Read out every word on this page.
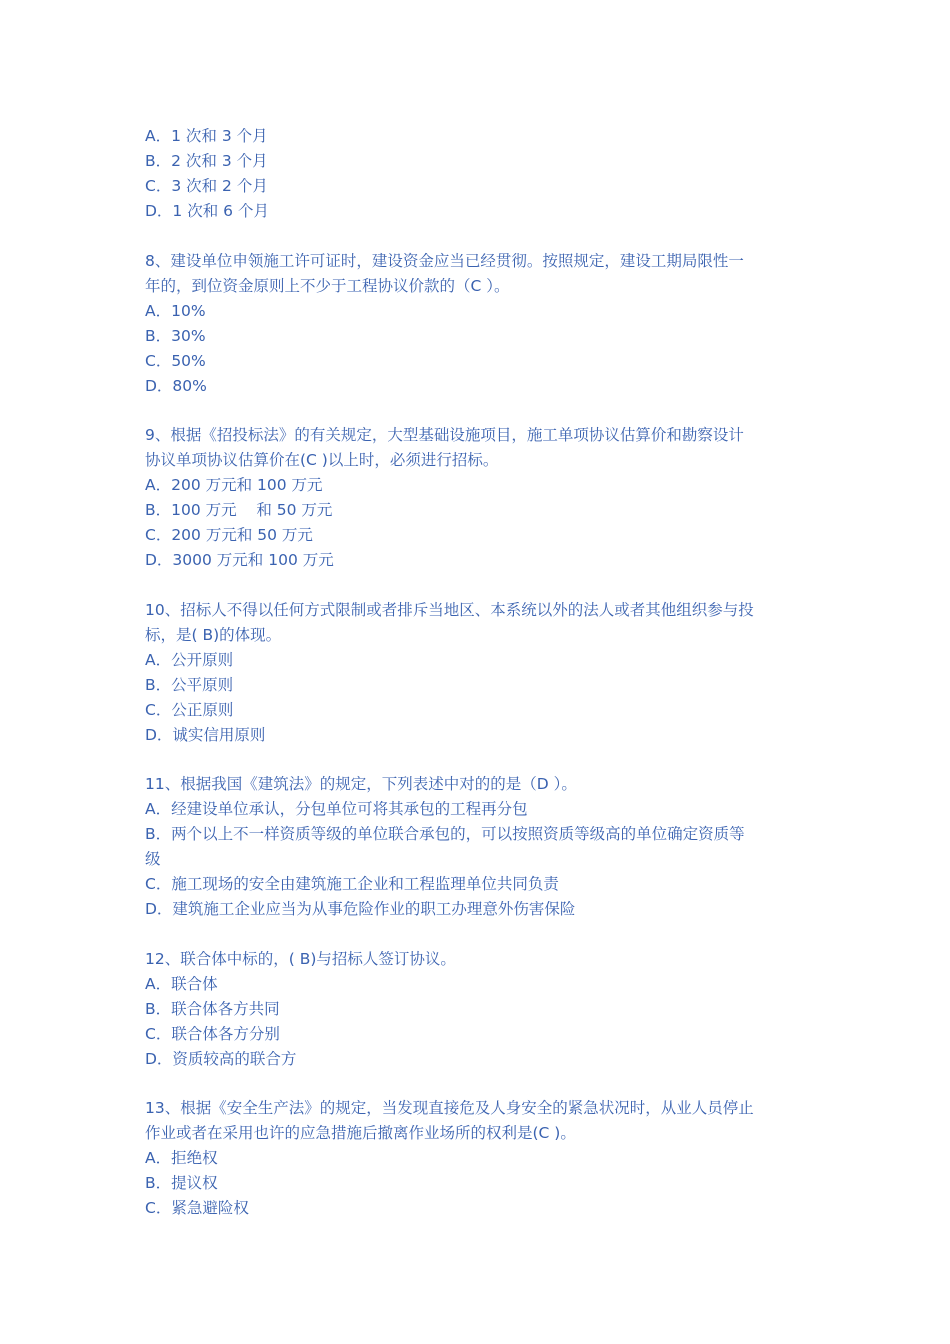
A．1 次和 3 个月
B．2 次和 3 个月
C．3 次和 2 个月
D．1 次和 6 个月
8、建设单位申领施工许可证时，建设资金应当已经贯彻。按照规定，建设工期局限性一
年的，到位资金原则上不少于工程协议价款的（C ）。
A．10%
B．30%
C．50%
D．80%
9、根据《招投标法》的有关规定，大型基础设施项目，施工单项协议估算价和勘察设计
协议单项协议估算价在(C )以上时，必须进行招标。
A．200 万元和 100 万元
B．100 万元    和 50 万元
C．200 万元和 50 万元
D．3000 万元和 100 万元
10、招标人不得以任何方式限制或者排斥当地区、本系统以外的法人或者其他组织参与投
标，是( B)的体现。
A．公开原则
B．公平原则
C．公正原则
D．诚实信用原则
11、根据我国《建筑法》的规定，下列表述中对的的是（D ）。
A．经建设单位承认，分包单位可将其承包的工程再分包
B．两个以上不一样资质等级的单位联合承包的，可以按照资质等级高的单位确定资质等
级
C．施工现场的安全由建筑施工企业和工程监理单位共同负责
D．建筑施工企业应当为从事危险作业的职工办理意外伤害保险
12、联合体中标的，( B)与招标人签订协议。
A．联合体
B．联合体各方共同
C．联合体各方分别
D．资质较高的联合方
13、根据《安全生产法》的规定，当发现直接危及人身安全的紧急状况时，从业人员停止
作业或者在采用也许的应急措施后撤离作业场所的权利是(C )。
A．拒绝权
B．提议权
C．紧急避险权
